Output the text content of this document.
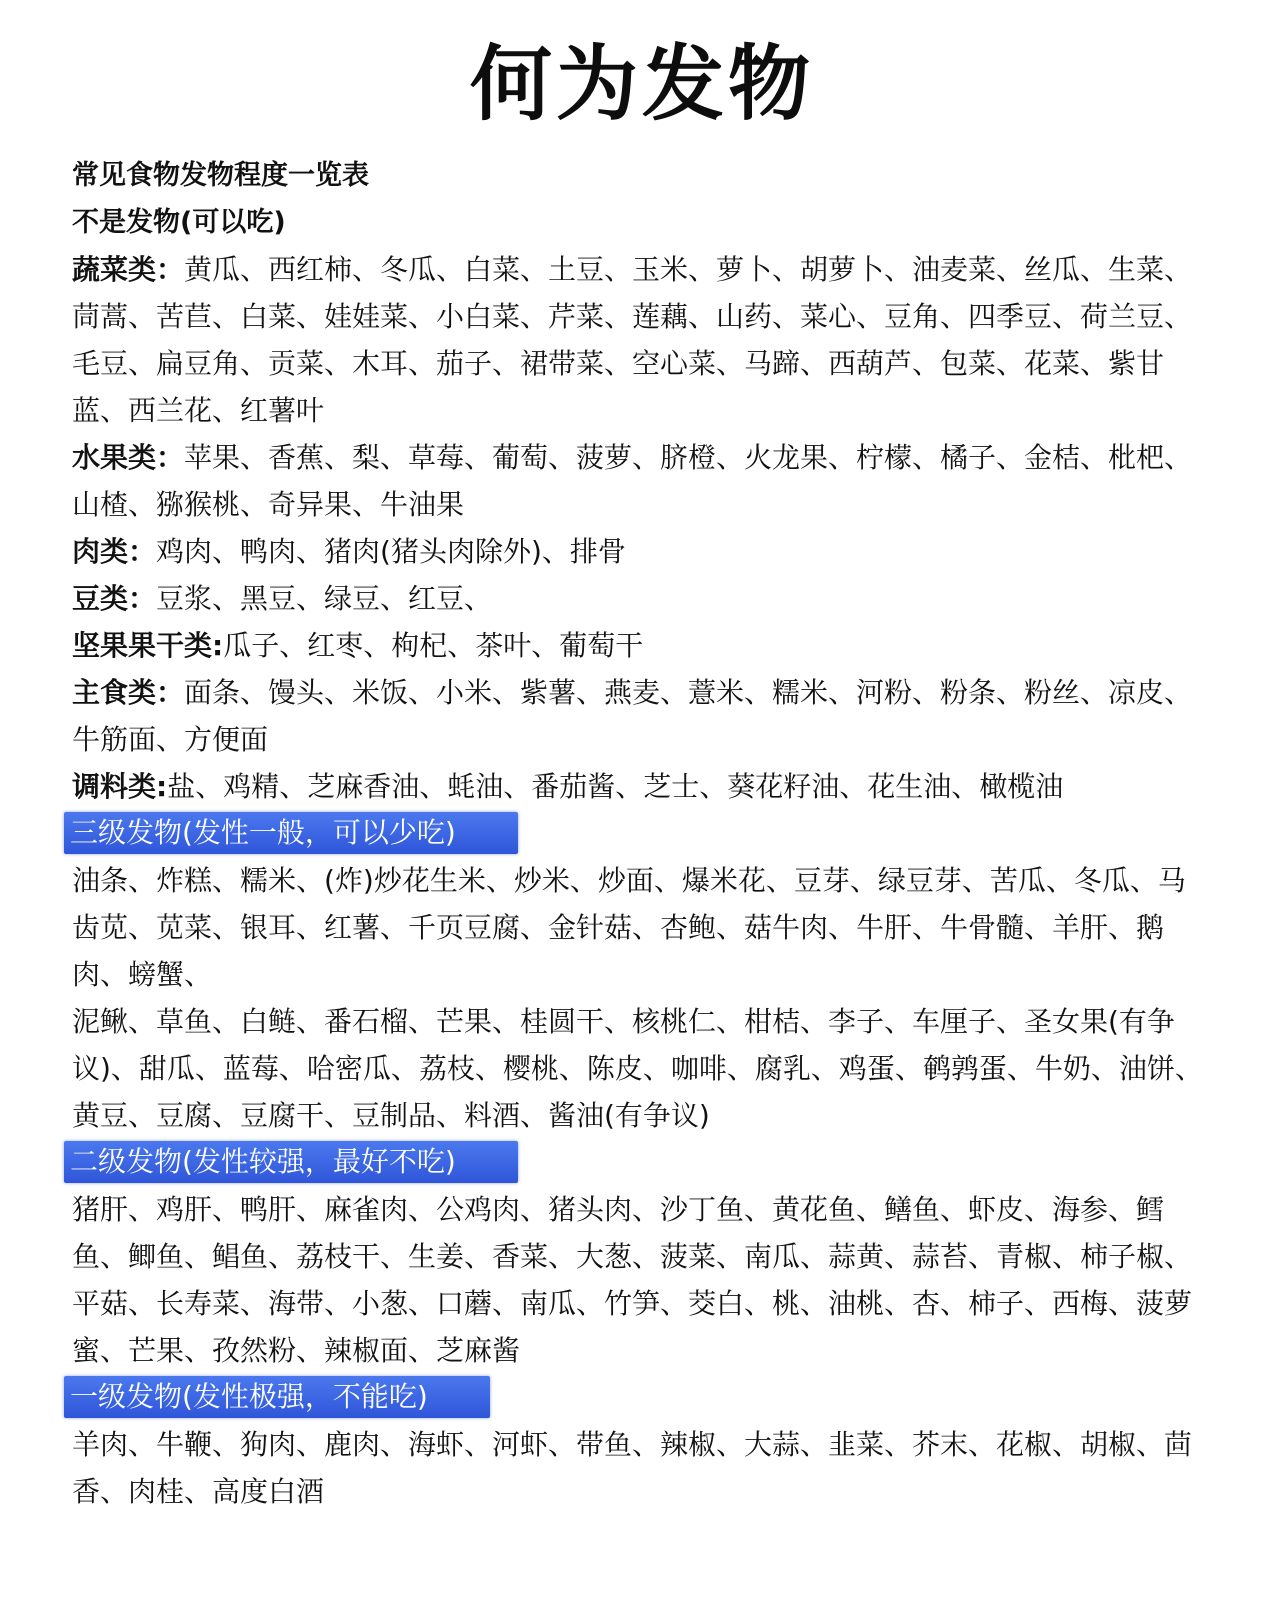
何为发物
常见食物发物程度一览表
不是发物(可以吃)
蔬菜类：黄瓜、西红柿、冬瓜、白菜、土豆、玉米、萝卜、胡萝卜、油麦菜、丝瓜、生菜、茼蒿、苦苣、白菜、娃娃菜、小白菜、芹菜、莲藕、山药、菜心、豆角、四季豆、荷兰豆、毛豆、扁豆角、贡菜、木耳、茄子、裙带菜、空心菜、马蹄、西葫芦、包菜、花菜、紫甘蓝、西兰花、红薯叶
水果类：苹果、香蕉、梨、草莓、葡萄、菠萝、脐橙、火龙果、柠檬、橘子、金桔、枇杷、山楂、猕猴桃、奇异果、牛油果
肉类：鸡肉、鸭肉、猪肉(猪头肉除外)、排骨
豆类：豆浆、黑豆、绿豆、红豆、
坚果果干类:瓜子、红枣、枸杞、茶叶、葡萄干
主食类：面条、馒头、米饭、小米、紫薯、燕麦、薏米、糯米、河粉、粉条、粉丝、凉皮、牛筋面、方便面
调料类:盐、鸡精、芝麻香油、蚝油、番茄酱、芝士、葵花籽油、花生油、橄榄油
三级发物(发性一般，可以少吃)
油条、炸糕、糯米、(炸)炒花生米、炒米、炒面、爆米花、豆芽、绿豆芽、苦瓜、冬瓜、马齿苋、苋菜、银耳、红薯、千页豆腐、金针菇、杏鲍、菇牛肉、牛肝、牛骨髓、羊肝、鹅肉、螃蟹、
泥鳅、草鱼、白鲢、番石榴、芒果、桂圆干、核桃仁、柑桔、李子、车厘子、圣女果(有争议)、甜瓜、蓝莓、哈密瓜、荔枝、樱桃、陈皮、咖啡、腐乳、鸡蛋、鹌鹑蛋、牛奶、油饼、黄豆、豆腐、豆腐干、豆制品、料酒、酱油(有争议)
二级发物(发性较强，最好不吃)
猪肝、鸡肝、鸭肝、麻雀肉、公鸡肉、猪头肉、沙丁鱼、黄花鱼、鳝鱼、虾皮、海参、鳕鱼、鲫鱼、鲳鱼、荔枝干、生姜、香菜、大葱、菠菜、南瓜、蒜黄、蒜苔、青椒、柿子椒、平菇、长寿菜、海带、小葱、口蘑、南瓜、竹笋、茭白、桃、油桃、杏、柿子、西梅、菠萝蜜、芒果、孜然粉、辣椒面、芝麻酱
一级发物(发性极强，不能吃)
羊肉、牛鞭、狗肉、鹿肉、海虾、河虾、带鱼、辣椒、大蒜、韭菜、芥末、花椒、胡椒、茴香、肉桂、高度白酒
